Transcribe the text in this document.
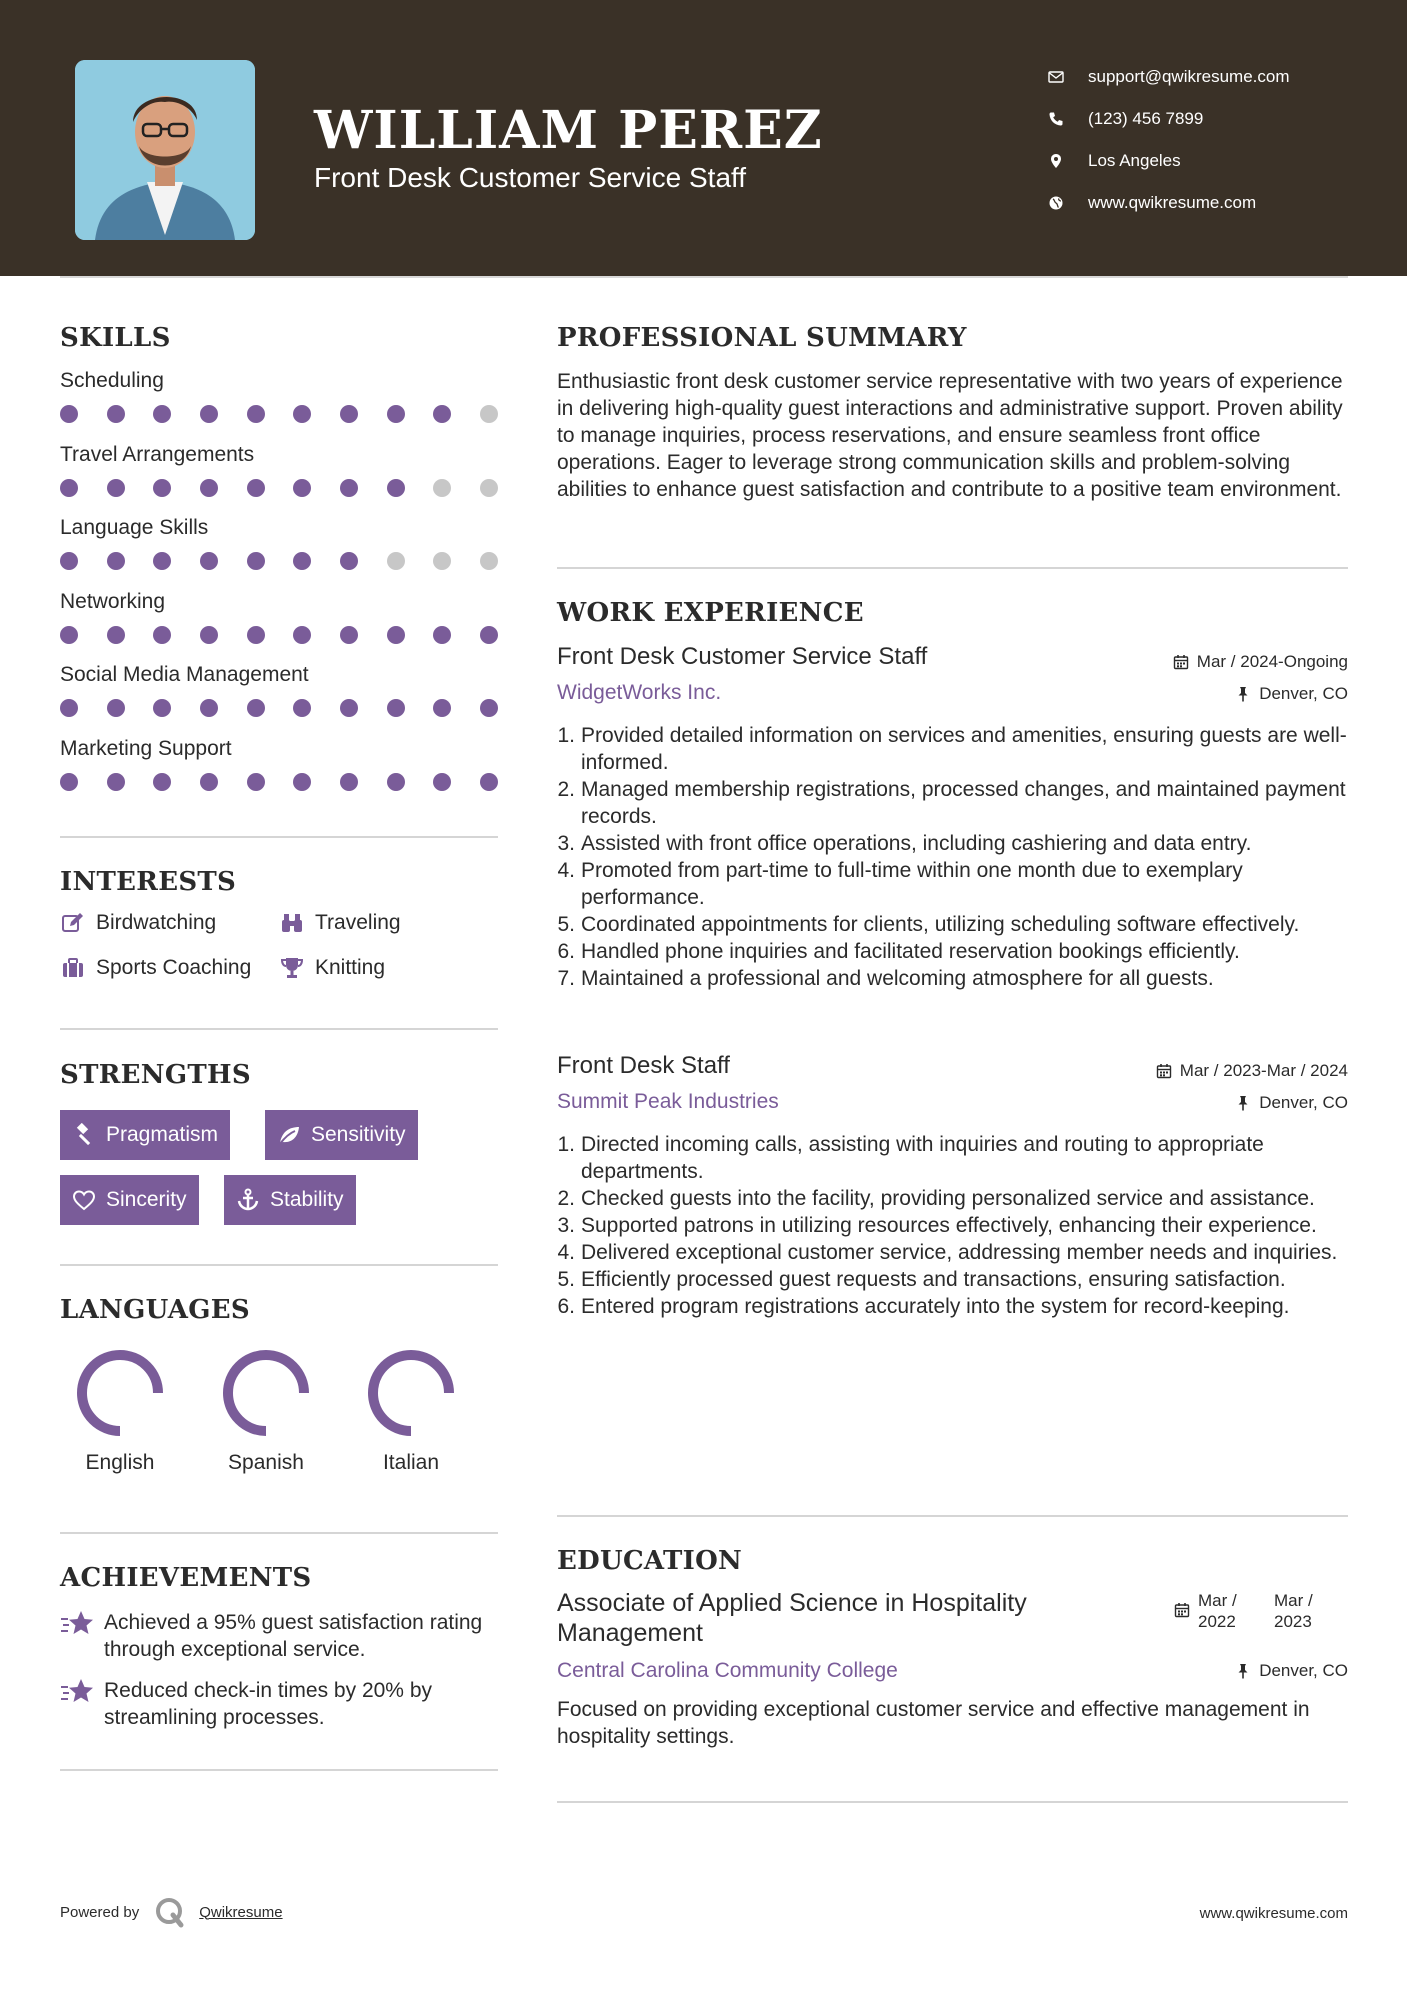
WILLIAM PEREZ
Front Desk Customer Service Staff
support@qwikresume.com
(123) 456 7899
Los Angeles
www.qwikresume.com
SKILLS
Scheduling
Travel Arrangements
Language Skills
Networking
Social Media Management
Marketing Support
INTERESTS
Birdwatching	Traveling
Sports Coaching	Knitting
STRENGTHS
Pragmatism	Sensitivity
Sincerity	Stability
LANGUAGES
English	Spanish	Italian
ACHIEVEMENTS
Achieved a 95% guest satisfaction rating through exceptional service.
Reduced check-in times by 20% by streamlining processes.
PROFESSIONAL SUMMARY
Enthusiastic front desk customer service representative with two years of experience in delivering high-quality guest interactions and administrative support. Proven ability to manage inquiries, process reservations, and ensure seamless front office operations. Eager to leverage strong communication skills and problem-solving abilities to enhance guest satisfaction and contribute to a positive team environment.
WORK EXPERIENCE
Front Desk Customer Service Staff	Mar / 2024-Ongoing
WidgetWorks Inc.	Denver, CO
1. Provided detailed information on services and amenities, ensuring guests are well-informed.
2. Managed membership registrations, processed changes, and maintained payment records.
3. Assisted with front office operations, including cashiering and data entry.
4. Promoted from part-time to full-time within one month due to exemplary performance.
5. Coordinated appointments for clients, utilizing scheduling software effectively.
6. Handled phone inquiries and facilitated reservation bookings efficiently.
7. Maintained a professional and welcoming atmosphere for all guests.
Front Desk Staff	Mar / 2023-Mar / 2024
Summit Peak Industries	Denver, CO
1. Directed incoming calls, assisting with inquiries and routing to appropriate departments.
2. Checked guests into the facility, providing personalized service and assistance.
3. Supported patrons in utilizing resources effectively, enhancing their experience.
4. Delivered exceptional customer service, addressing member needs and inquiries.
5. Efficiently processed guest requests and transactions, ensuring satisfaction.
6. Entered program registrations accurately into the system for record-keeping.
EDUCATION
Associate of Applied Science in Hospitality Management
Mar / 2022
Mar / 2023
Central Carolina Community College	Denver, CO
Focused on providing exceptional customer service and effective management in hospitality settings.
Powered by	Qwikresume	www.qwikresume.com
